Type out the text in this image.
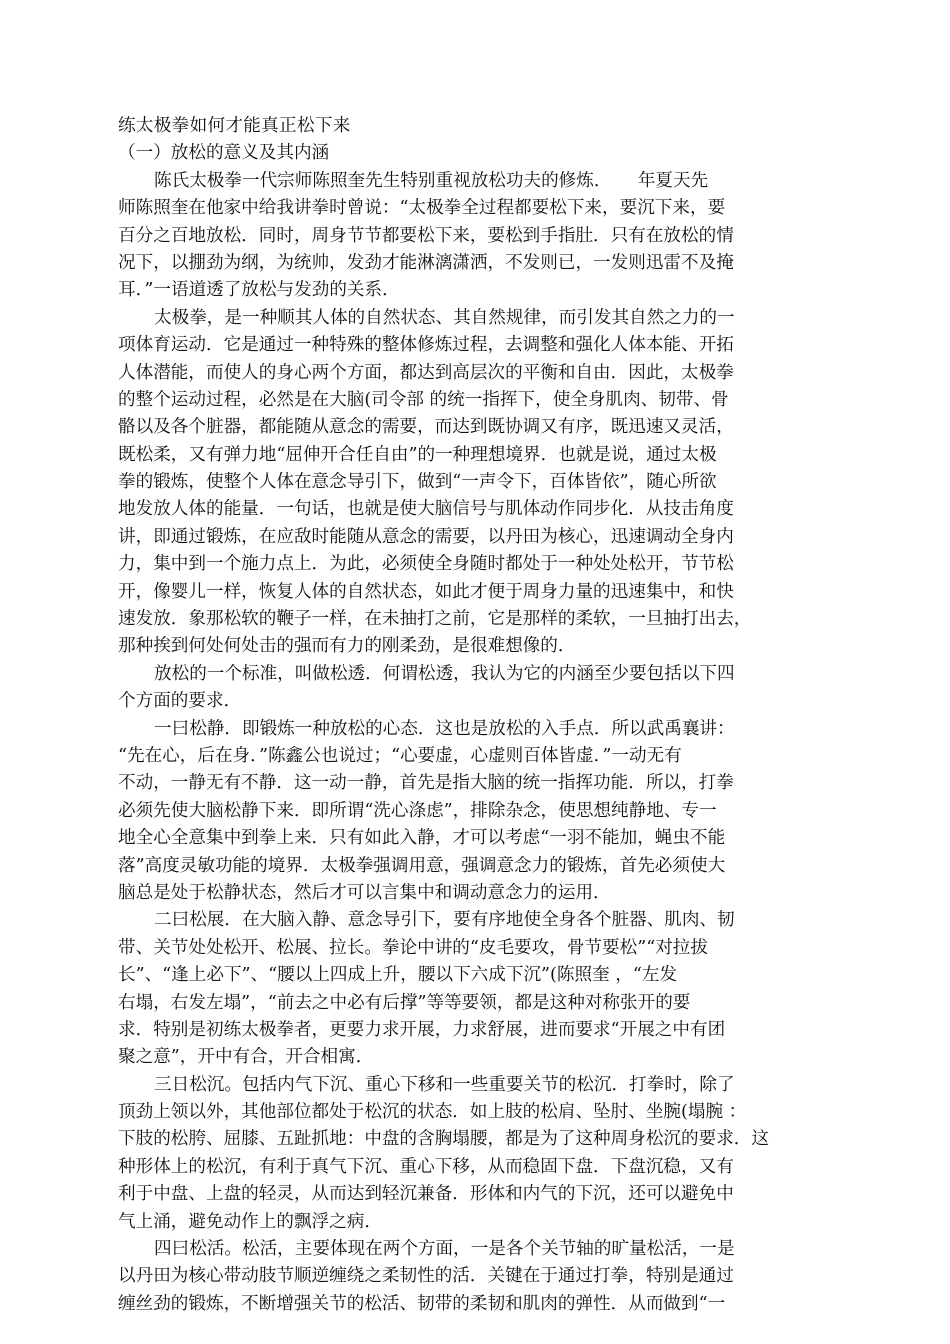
练太极拳如何才能真正松下来
（一）放松的意义及其内涵
陈氏太极拳一代宗师陈照奎先生特别重视放松功夫的修炼．　　年夏天先
师陈照奎在他家中给我讲拳时曾说：“太极拳全过程都要松下来，要沉下来，要
百分之百地放松．同时，周身节节都要松下来，要松到手指肚．只有在放松的情
况下，以掤劲为纲，为统帅，发劲才能淋漓潇洒，不发则已，一发则迅雷不及掩
耳．”一语道透了放松与发劲的关系．
太极拳，是一种顺其人体的自然状态、其自然规律，而引发其自然之力的一
项体育运动．它是通过一种特殊的整体修炼过程，去调整和强化人体本能、开拓
人体潜能，而使人的身心两个方面，都达到高层次的平衡和自由．因此，太极拳
的整个运动过程，必然是在大脑(司令部 的统一指挥下，使全身肌肉、韧带、骨
骼以及各个脏器，都能随从意念的需要，而达到既协调又有序，既迅速又灵活，
既松柔，又有弹力地“屈伸开合任自由”的一种理想境界．也就是说，通过太极
拳的锻炼，使整个人体在意念导引下，做到“一声令下，百体皆依”，随心所欲
地发放人体的能量．一句话，也就是使大脑信号与肌体动作同步化．从技击角度
讲，即通过锻炼，在应敌时能随从意念的需要，以丹田为核心，迅速调动全身内
力，集中到一个施力点上．为此，必须使全身随时都处于一种处处松开，节节松
开，像婴儿一样，恢复人体的自然状态，如此才便于周身力量的迅速集中，和快
速发放．象那松软的鞭子一样，在未抽打之前，它是那样的柔软，一旦抽打出去，
那种挨到何处何处击的强而有力的刚柔劲，是很难想像的．
放松的一个标准，叫做松透．何谓松透，我认为它的内涵至少要包括以下四
个方面的要求．
一曰松静．即锻炼一种放松的心态．这也是放松的入手点．所以武禹襄讲：
“先在心，后在身．”陈鑫公也说过；“心要虚，心虚则百体皆虚．”一动无有
不动，一静无有不静．这一动一静，首先是指大脑的统一指挥功能．所以，打拳
必须先使大脑松静下来．即所谓“洗心涤虑”，排除杂念，使思想纯静地、专一
地全心全意集中到拳上来．只有如此入静，才可以考虑“一羽不能加，蝇虫不能
落”高度灵敏功能的境界．太极拳强调用意，强调意念力的锻炼，首先必须使大
脑总是处于松静状态，然后才可以言集中和调动意念力的运用．
二曰松展．在大脑入静、意念导引下，要有序地使全身各个脏器、肌肉、韧
带、关节处处松开、松展、拉长。拳论中讲的“皮毛要攻，骨节要松”“对拉拔
长”、“逢上必下”、“腰以上四成上升，腰以下六成下沉”(陈照奎 ，“左发
右塌，右发左塌”，“前去之中必有后撑”等等要领，都是这种对称张开的要
求．特别是初练太极拳者，更要力求开展，力求舒展，进而要求“开展之中有团
聚之意”，开中有合，开合相寓．
三日松沉。包括内气下沉、重心下移和一些重要关节的松沉．打拳时，除了
顶劲上领以外，其他部位都处于松沉的状态．如上肢的松肩、坠肘、坐腕(塌腕 ：
下肢的松胯、屈膝、五趾抓地：中盘的含胸塌腰，都是为了这种周身松沉的要求．这
种形体上的松沉，有利于真气下沉、重心下移，从而稳固下盘．下盘沉稳，又有
利于中盘、上盘的轻灵，从而达到轻沉兼备．形体和内气的下沉，还可以避免中
气上涌，避免动作上的飘浮之病．
四曰松活。松活，主要体现在两个方面，一是各个关节轴的旷量松活，一是
以丹田为核心带动肢节顺逆缠绕之柔韧性的活．关键在于通过打拳，特别是通过
缠丝劲的锻炼，不断增强关节的松活、韧带的柔韧和肌肉的弹性．从而做到“一
